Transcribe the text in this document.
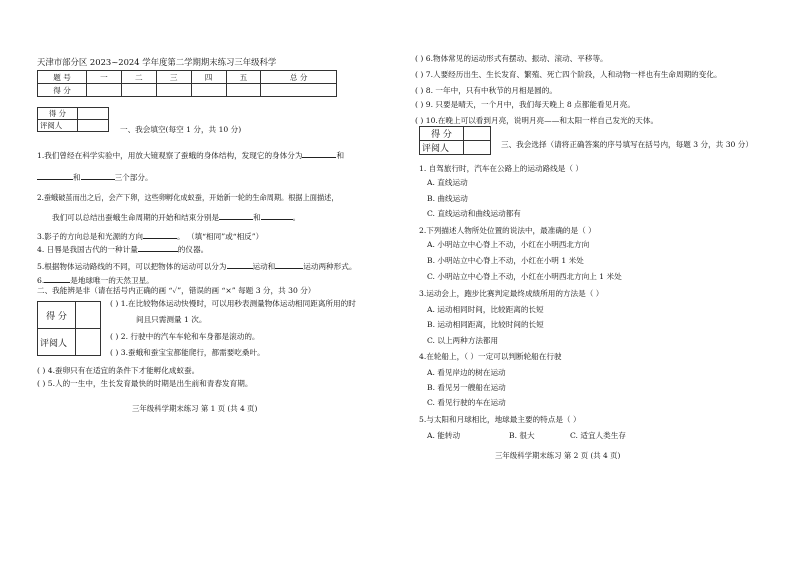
天津市部分区 2023~2024 学年度第二学期期末练习三年级科学
题 号	一	二	三	四	五	总 分
得 分						
得 分	
评阅人		一、我会填空(每空 1 分，共 10 分)
1.我们曾经在科学实验中，用放大镜观察了蚕蛾的身体结构，发现它的身体分为	和
和	三个部分。
2.蚕蛾破茧而出之后，会产下卵，这些卵孵化成蚁蚕，开始新一轮的生命周期。根据上面描述，
我们可以总结出蚕蛾生命周期的开始和结束分别是	和	。
3.影子的方向总是和光源的方向	。 （填“相同”或“相反”）
4. 日晷是我国古代的一种计量	的仪器。
5.根据物体运动路线的不同，可以把物体的运动可以分为	运动和	运动两种形式。
6.	是地球唯一的天然卫星。
二、我能辨是非（请在括号内正确的画 “✓”，错误的画 “×” 每题 3 分，共 30 分）
得 分	
评阅人	
( ) 1.在比较物体运动快慢时，可以用秒表测量物体运动相同距离所用的时
间且只需测量 1 次。
( ) 2. 行驶中的汽车车轮和车身都是滚动的。
( ) 3.蚕蛾和蚕宝宝都能爬行，都需要吃桑叶。
( ) 4.蚕卵只有在适宜的条件下才能孵化成蚁蚕。
( ) 5.人的一生中，生长发育最快的时期是出生前和青春发育期。
三年级科学期末练习 第 1 页 (共 4 页)
( ) 6.物体常见的运动形式有摆动、振动、滚动、平移等。
( ) 7.人要经历出生、生长发育、繁殖、死亡四个阶段，人和动物一样也有生命周期的变化。
( ) 8. 一年中，只有中秋节的月相是圆的。
( ) 9. 只要是晴天，一个月中，我们每天晚上 8 点都能看见月亮。
( ) 10.在晚上可以看到月亮，说明月亮——和太阳一样自己发光的天体。
得 分	
评阅人		三、我会选择（请将正确答案的序号填写在括号内，每题 3 分，共 30 分）
1. 自驾旅行时，汽车在公路上的运动路线是（ ）
A. 直线运动
B. 曲线运动
C. 直线运动和曲线运动都有
2.下列描述人物所处位置的说法中，最准确的是（ ）
A. 小明站立中心脊上不动，小红在小明西北方向
B. 小明站立中心脊上不动，小红在小明 1 米处
C. 小明站立中心脊上不动，小红在小明西北方向上 1 米处
3.运动会上，跑步比赛判定最终成绩所用的方法是（ ）
A. 运动相同时间，比较距离的长短
B. 运动相同距离，比较时间的长短
C. 以上两种方法都用
4.在轮船上，（ ）一定可以判断轮船在行驶
A. 看见岸边的树在运动
B. 看见另一艘船在运动
C. 看见行驶的车在运动
5.与太阳和月球相比，地球最主要的特点是（ ）
A. 能转动	B. 很大	C. 适宜人类生存
三年级科学期末练习 第 2 页 (共 4 页)
